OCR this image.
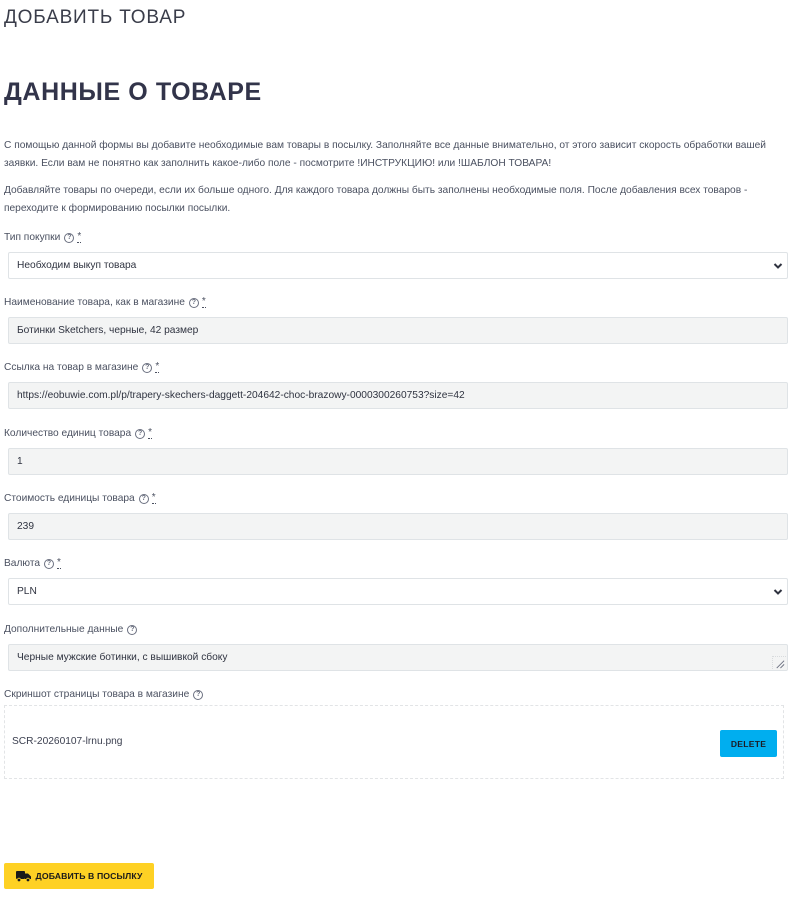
ДОБАВИТЬ ТОВАР
ДАННЫЕ О ТОВАРЕ

С помощью данной формы вы добавите необходимые вам товары в посылку. Заполняйте все данные внимательно, от этого зависит скорость обработки вашей заявки. Если вам не понятно как заполнить какое-либо поле - посмотрите !ИНСТРУКЦИЮ! или !ШАБЛОН ТОВАРА!

Добавляйте товары по очереди, если их больше одного. Для каждого товара должны быть заполнены необходимые поля. После добавления всех товаров - переходите к формированию посылки посылки.

Тип покупки ? *
Необходим выкуп товара
Наименование товара, как в магазине ? *
Ботинки Sketchers, черные, 42 размер
Ссылка на товар в магазине ? *
https://eobuwie.com.pl/p/trapery-skechers-daggett-204642-choc-brazowy-0000300260753?size=42
Количество единиц товара ? *
1
Стоимость единицы товара ? *
239
Валюта ? *
PLN
Дополнительные данные ?
Черные мужские ботинки, с вышивкой сбоку
Скриншот страницы товара в магазине ?
SCR-20260107-lrnu.png	DELETE
ДОБАВИТЬ В ПОСЫЛКУ
